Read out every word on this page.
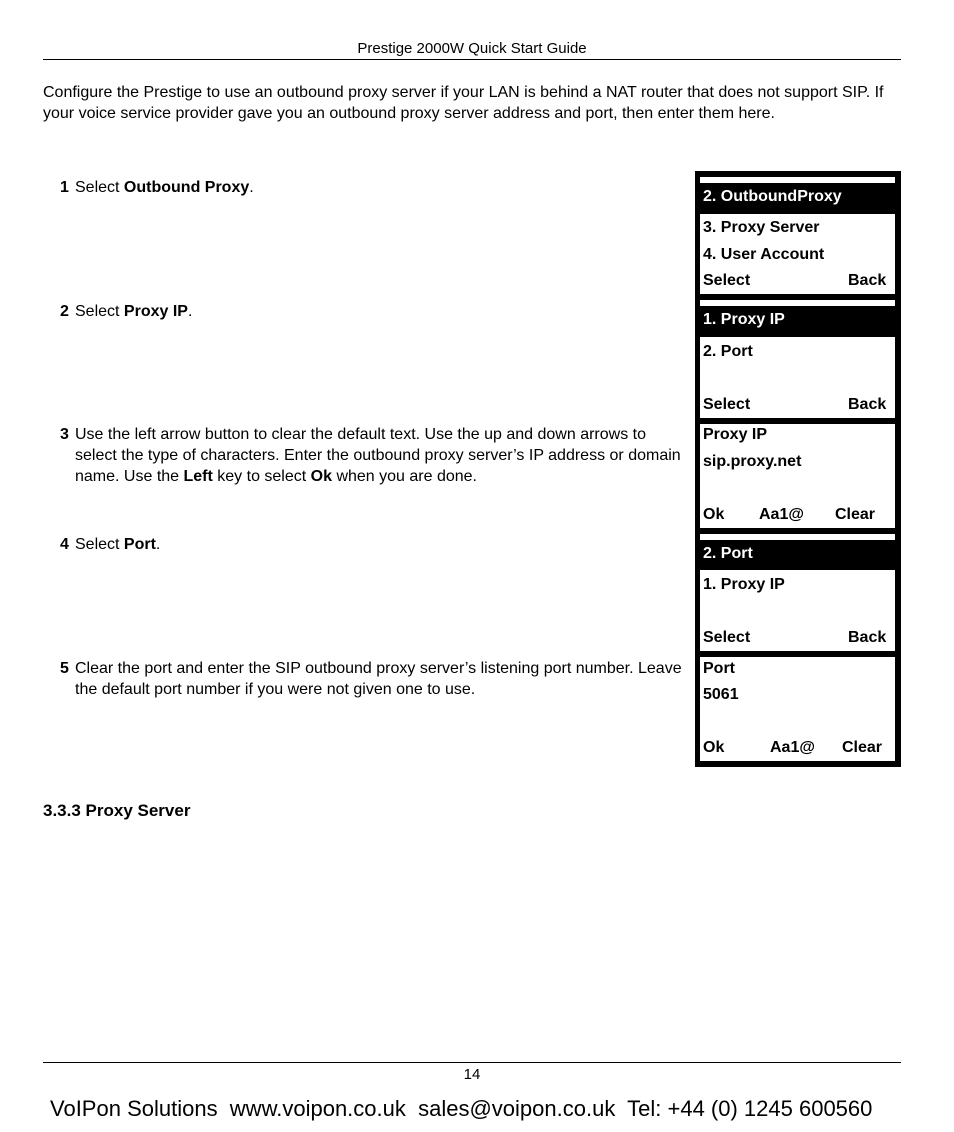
Prestige 2000W Quick Start Guide
Configure the Prestige to use an outbound proxy server if your LAN is behind a NAT router that does not support SIP. If your voice service provider gave you an outbound proxy server address and port, then enter them here.
1 Select Outbound Proxy.
2 Select Proxy IP.
3 Use the left arrow button to clear the default text. Use the up and down arrows to select the type of characters. Enter the outbound proxy server’s IP address or domain name. Use the Left key to select Ok when you are done.
4 Select Port.
5 Clear the port and enter the SIP outbound proxy server’s listening port number. Leave the default port number if you were not given one to use.
2. OutboundProxy
3. Proxy Server
4. User Account
Select	Back
1. Proxy IP
2. Port
Select	Back
Proxy IP
sip.proxy.net
Ok Aa1@ Clear
2. Port
1. Proxy IP
Select	Back
Port
5061
Ok	Aa1@ Clear
3.3.3 Proxy Server
14
VoIPon Solutions  www.voipon.co.uk  sales@voipon.co.uk  Tel: +44 (0) 1245 600560
